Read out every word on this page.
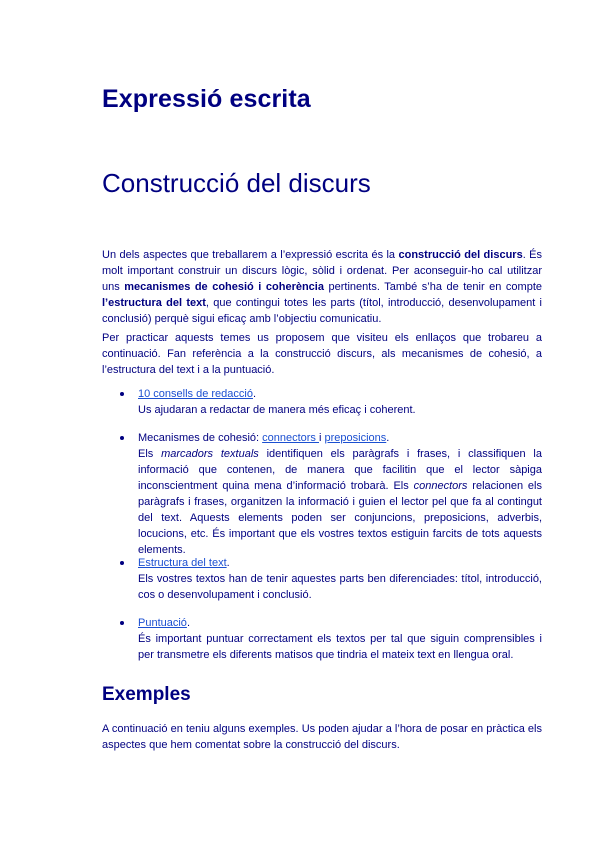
Expressió escrita
Construcció del discurs

Un dels aspectes que treballarem a l’expressió escrita és la construcció del discurs. És molt important construir un discurs lògic, sòlid i ordenat. Per aconseguir-ho cal utilitzar uns mecanismes de cohesió i coherència pertinents. També s’ha de tenir en compte l’estructura del text, que contingui totes les parts (títol, introducció, desenvolupament i conclusió) perquè sigui eficaç amb l’objectiu comunicatiu.

Per practicar aquests temes us proposem que visiteu els enllaços que trobareu a continuació. Fan referència a la construcció discurs, als mecanismes de cohesió, a l’estructura del text i a la puntuació.

10 consells de redacció.
Us ajudaran a redactar de manera més eficaç i coherent.
Mecanismes de cohesió: connectors i preposicions.
Els marcadors textuals identifiquen els paràgrafs i frases, i classifiquen la informació que contenen, de manera que facilitin que el lector sàpiga inconscientment quina mena d’informació trobarà. Els connectors relacionen els paràgrafs i frases, organitzen la informació i guien el lector pel que fa al contingut del text. Aquests elements poden ser conjuncions, preposicions, adverbis, locucions, etc. És important que els vostres textos estiguin farcits de tots aquests elements.
Estructura del text.
Els vostres textos han de tenir aquestes parts ben diferenciades: títol, introducció, cos o desenvolupament i conclusió.
Puntuació.
És important puntuar correctament els textos per tal que siguin comprensibles i per transmetre els diferents matisos que tindria el mateix text en llengua oral.
Exemples

A continuació en teniu alguns exemples. Us poden ajudar a l’hora de posar en pràctica els aspectes que hem comentat sobre la construcció del discurs.
